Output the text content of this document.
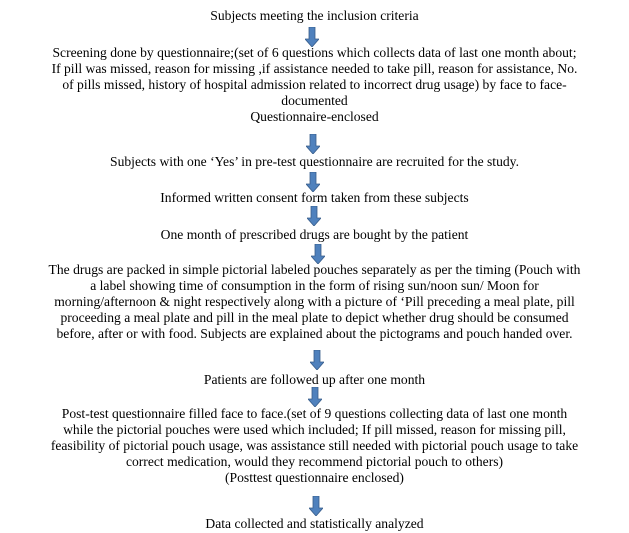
Subjects meeting the inclusion criteria
Screening done by questionnaire;(set of 6 questions which collects data of last one month about;
If pill was missed, reason for missing ,if assistance needed to take pill, reason for assistance, No.
of pills missed, history of hospital admission related to incorrect drug usage) by face to face-
documented
Questionnaire-enclosed
Subjects with one ‘Yes’ in pre-test questionnaire are recruited for the study.
Informed written consent form taken from these subjects
One month of prescribed drugs are bought by the patient
The drugs are packed in simple pictorial labeled pouches separately as per the timing (Pouch with
a label showing time of consumption in the form of rising sun/noon sun/ Moon for
morning/afternoon & night respectively along with a picture of ‘Pill preceding a meal plate, pill
proceeding a meal plate and pill in the meal plate to depict whether drug should be consumed
before, after or with food. Subjects are explained about the pictograms and pouch handed over.
Patients are followed up after one month
Post-test questionnaire filled face to face.(set of 9 questions collecting data of last one month
while the pictorial pouches were used which included; If pill missed, reason for missing pill,
feasibility of pictorial pouch usage, was assistance still needed with pictorial pouch usage to take
correct medication, would they recommend pictorial pouch to others)
(Posttest questionnaire enclosed)
Data collected and statistically analyzed
